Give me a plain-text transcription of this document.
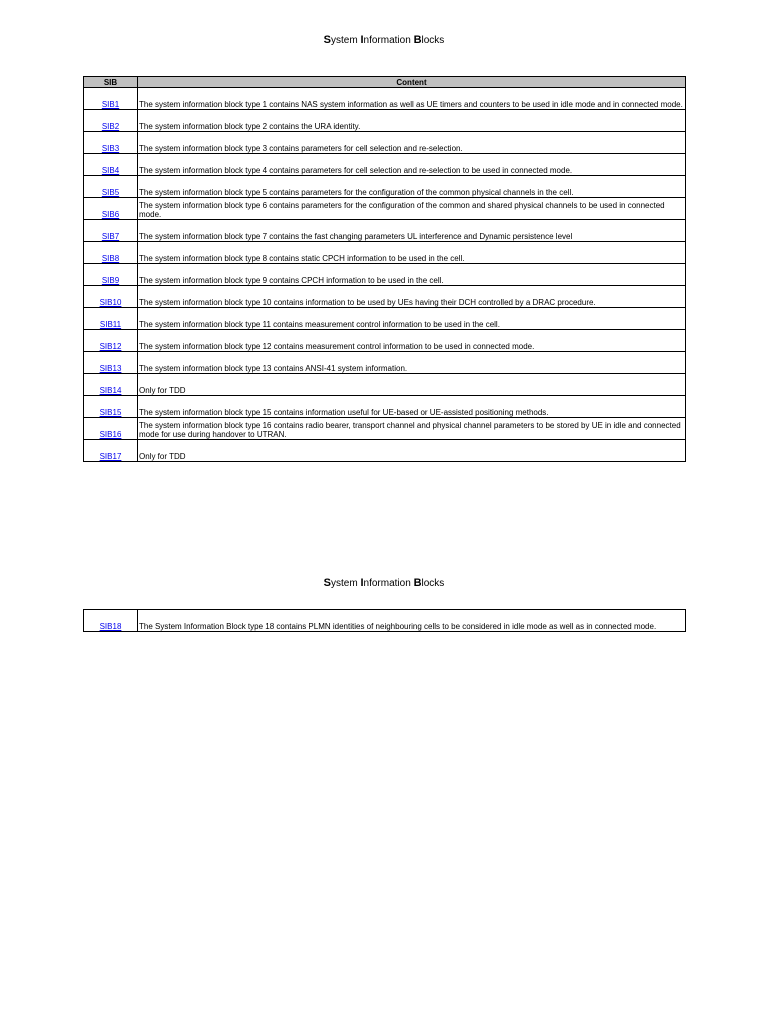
System Information Blocks
SIB	Content
SIB1	The system information block type 1 contains NAS system information as well as UE timers and counters to be used in idle mode and in connected mode.
SIB2	The system information block type 2 contains the URA identity.
SIB3	The system information block type 3 contains parameters for cell selection and re-selection.
SIB4	The system information block type 4 contains parameters for cell selection and re-selection to be used in connected mode.
SIB5	The system information block type 5 contains parameters for the configuration of the common physical channels in the cell.
SIB6	The system information block type 6 contains parameters for the configuration of the common and shared physical channels to be used in connected mode.
SIB7	The system information block type 7 contains the fast changing parameters UL interference and Dynamic persistence level
SIB8	The system information block type 8 contains static CPCH information to be used in the cell.
SIB9	The system information block type 9 contains CPCH information to be used in the cell.
SIB10	The system information block type 10 contains information to be used by UEs having their DCH controlled by a DRAC procedure.
SIB11	The system information block type 11 contains measurement control information to be used in the cell.
SIB12	The system information block type 12 contains measurement control information to be used in connected mode.
SIB13	The system information block type 13 contains ANSI-41 system information.
SIB14	Only for TDD
SIB15	The system information block type 15 contains information useful for UE-based or UE-assisted positioning methods.
SIB16	The system information block type 16 contains radio bearer, transport channel and physical channel parameters to be stored by UE in idle and connected mode for use during handover to UTRAN.
SIB17	Only for TDD
System Information Blocks
SIB18	The System Information Block type 18 contains PLMN identities of neighbouring cells to be considered in idle mode as well as in connected mode.
